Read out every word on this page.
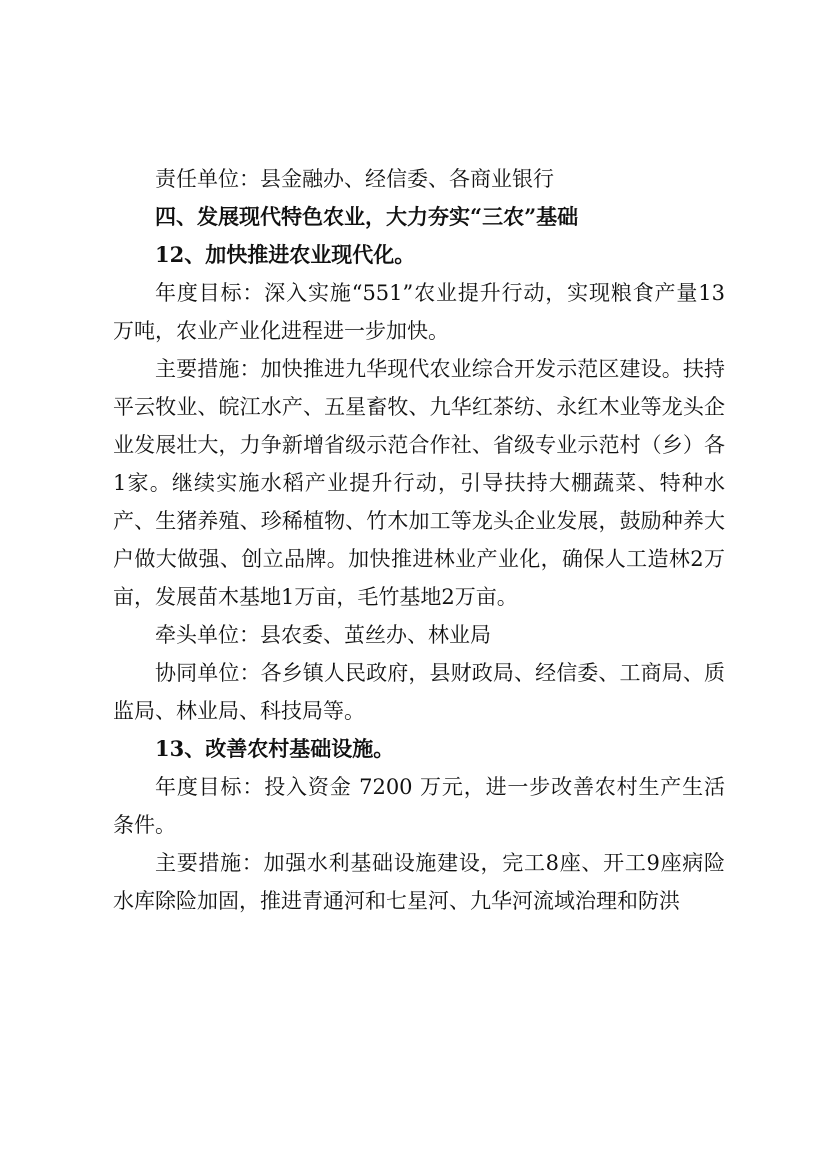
责任单位：县金融办、经信委、各商业银行

四、发展现代特色农业，大力夯实“三农”基础

12、加快推进农业现代化。

年度目标：深入实施“551”农业提升行动，实现粮食产量13万吨，农业产业化进程进一步加快。

主要措施：加快推进九华现代农业综合开发示范区建设。扶持平云牧业、皖江水产、五星畜牧、九华红茶纺、永红木业等龙头企业发展壮大，力争新增省级示范合作社、省级专业示范村（乡）各1家。继续实施水稻产业提升行动，引导扶持大棚蔬菜、特种水产、生猪养殖、珍稀植物、竹木加工等龙头企业发展，鼓励种养大户做大做强、创立品牌。加快推进林业产业化，确保人工造林2万亩，发展苗木基地1万亩，毛竹基地2万亩。

牵头单位：县农委、茧丝办、林业局

协同单位：各乡镇人民政府，县财政局、经信委、工商局、质监局、林业局、科技局等。

13、改善农村基础设施。

年度目标：投入资金 7200 万元，进一步改善农村生产生活条件。

主要措施：加强水利基础设施建设，完工8座、开工9座病险水库除险加固，推进青通河和七星河、九华河流域治理和防洪
